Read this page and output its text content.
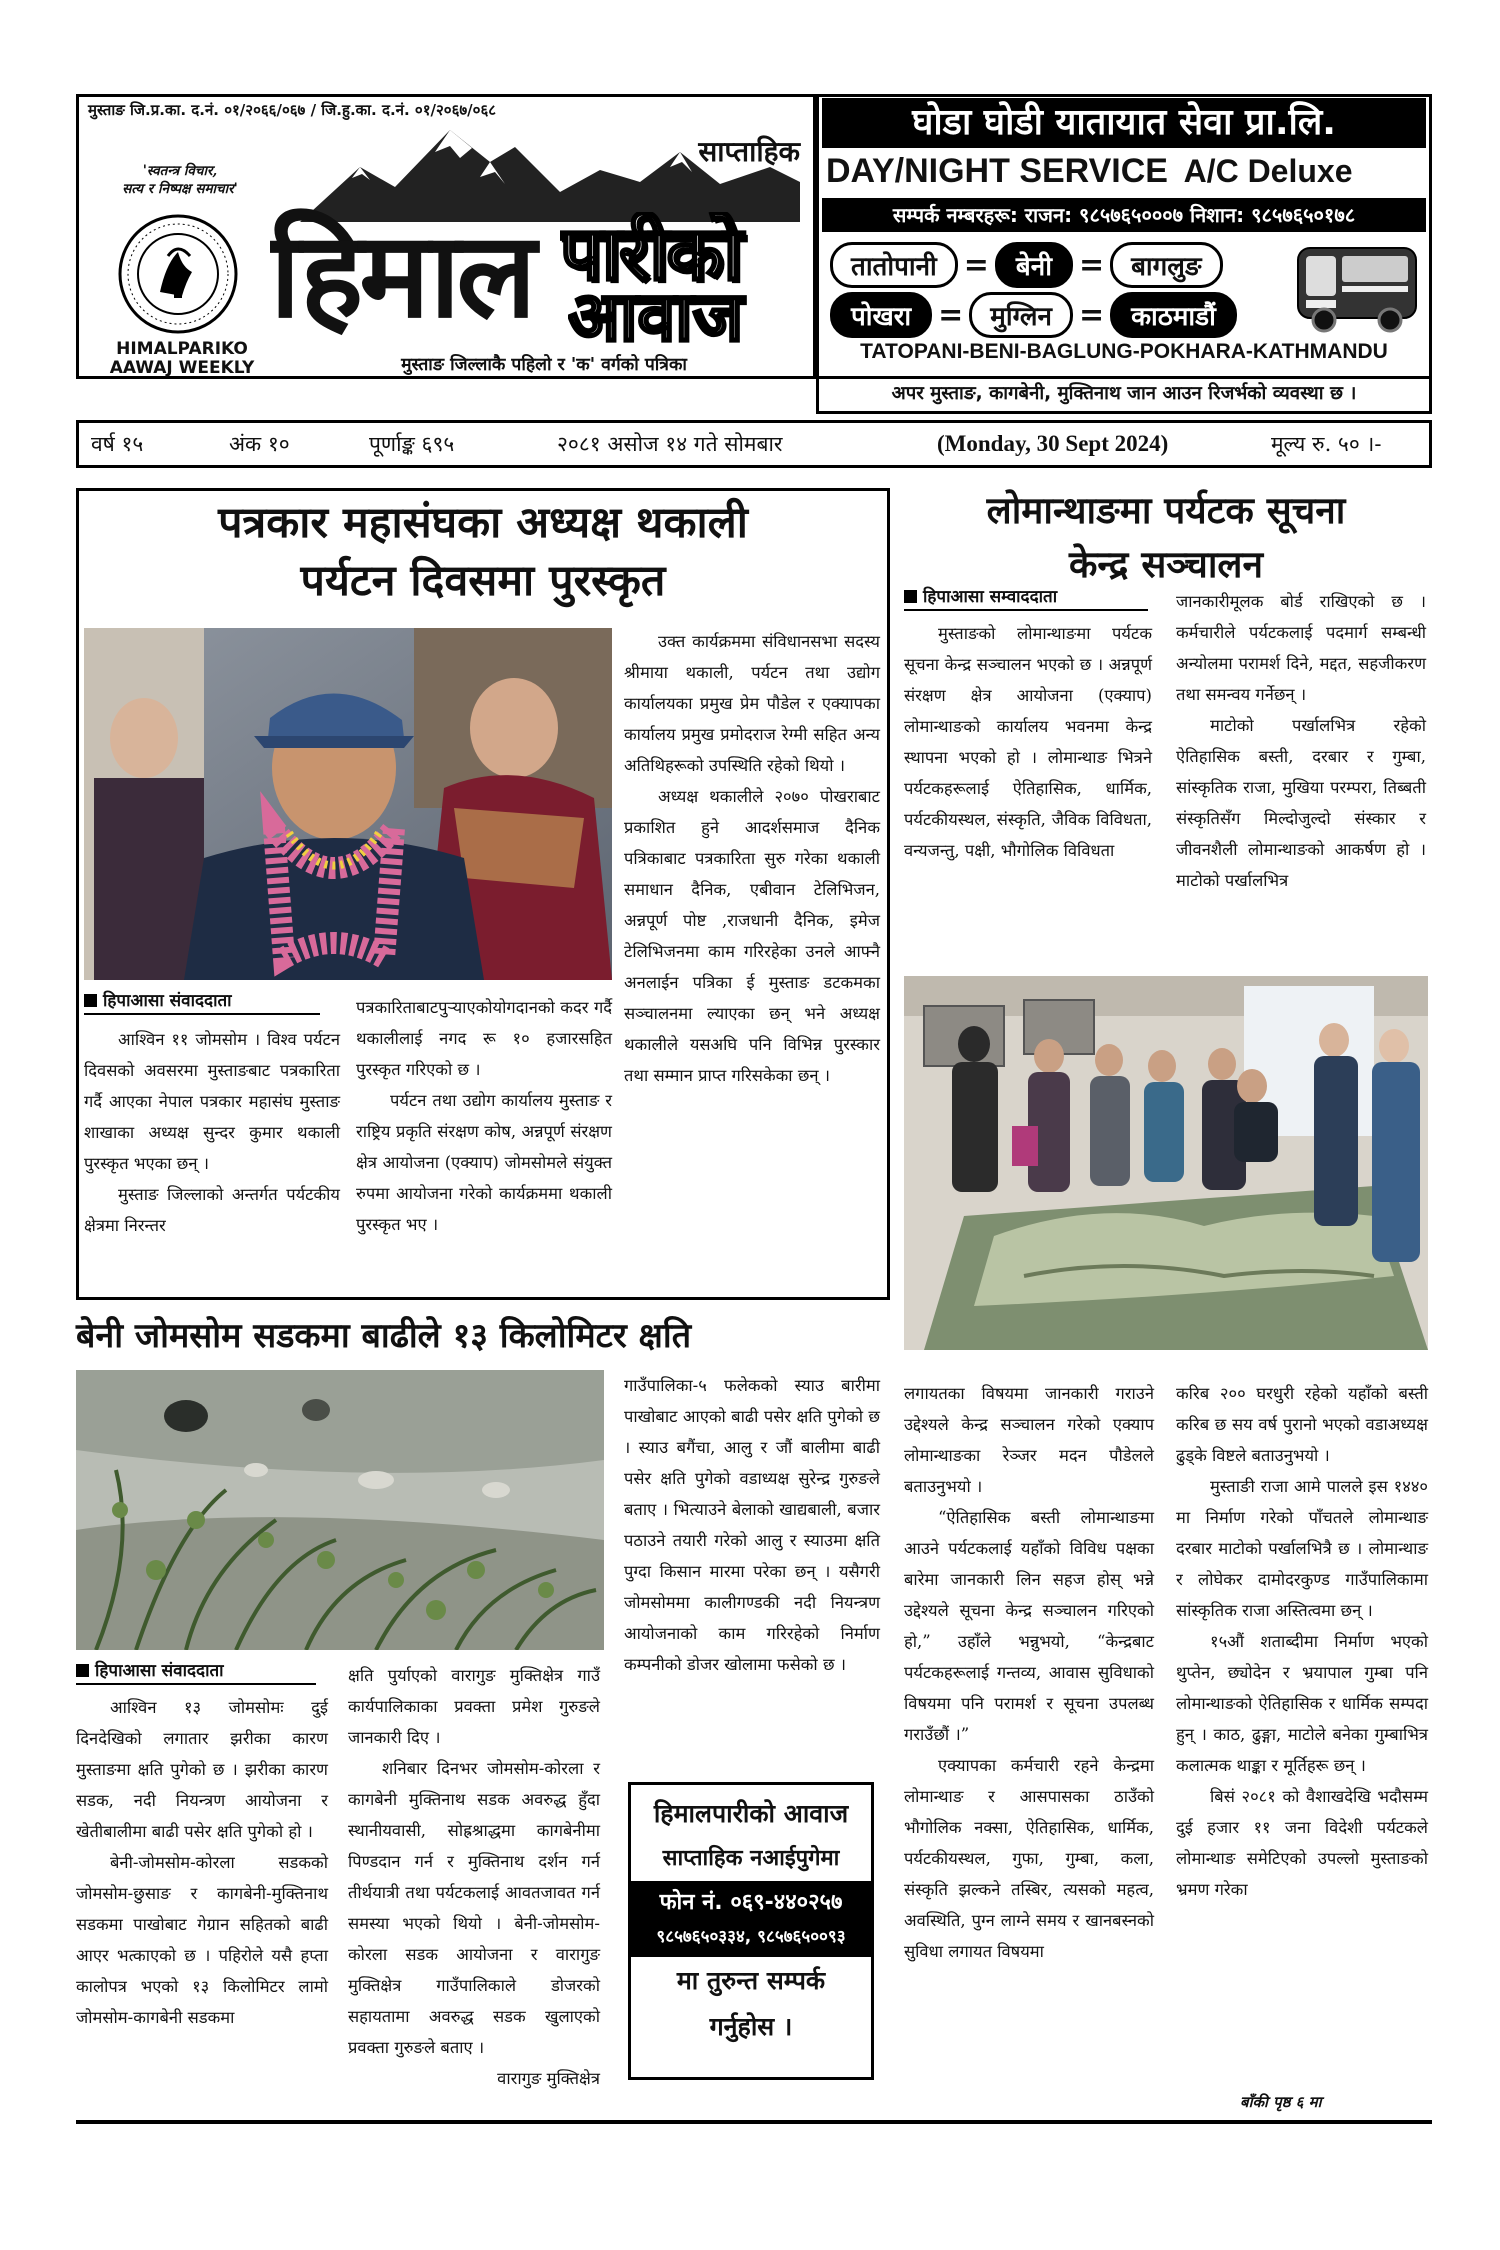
मुस्ताङ जि.प्र.का. द.नं. ०१/२०६६/०६७ / जि.हु.का. द.नं. ०१/२०६७/०६८
'स्वतन्त्र विचार,
सत्य र निष्पक्ष समाचार'
HIMALPARIKO
AAWAJ WEEKLY
साप्ताहिक
हिमाल पारीको
आवाज
मुस्ताङ जिल्लाकै पहिलो र 'क' वर्गको पत्रिका
घोडा घोडी यातायात सेवा प्रा.लि.
DAY/NIGHT SERVICE A/C Deluxe
सम्पर्क नम्बरहरू: राजन: ९८५७६५०००७ निशान: ९८५७६५०१७८
तातोपानी = बेनी = बागलुङ
पोखरा = मुग्लिन = काठमाडौं
TATOPANI-BENI-BAGLUNG-POKHARA-KATHMANDU
अपर मुस्ताङ, कागबेनी, मुक्तिनाथ जान आउन रिजर्भको व्यवस्था छ ।
वर्ष १५	अंक १०	पूर्णाङ्क ६९५	२०८१ असोज १४ गते सोमबार	(Monday, 30 Sept 2024)	मूल्य रु. ५० ।-
पत्रकार महासंघका अध्यक्ष थकाली
पर्यटन दिवसमा पुरस्कृत

उक्त कार्यक्रममा संविधानसभा सदस्य श्रीमाया थकाली, पर्यटन तथा उद्योग कार्यालयका प्रमुख प्रेम पौडेल र एक्यापका कार्यालय प्रमुख प्रमोदराज रेग्मी सहित अन्य अतिथिहरूको उपस्थिति रहेको थियो ।

अध्यक्ष थकालीले २०७० पोखराबाट प्रकाशित हुने आदर्शसमाज दैनिक पत्रिकाबाट पत्रकारिता सुरु गरेका थकाली समाधान दैनिक, एबीवान टेलिभिजन, अन्नपूर्ण पोष्ट ,राजधानी दैनिक, इमेज टेलिभिजनमा काम गरिरहेका उनले आफ्नै अनलाईन पत्रिका ई मुस्ताङ डटकमका सञ्चालनमा ल्याएका छन् भने अध्यक्ष थकालीले यसअघि पनि विभिन्न पुरस्कार तथा सम्मान प्राप्त गरिसकेका छन् ।

हिपाआसा संवाददाता

आश्विन ११ जोमसोम । विश्व पर्यटन दिवसको अवसरमा मुस्ताङबाट पत्रकारिता गर्दै आएका नेपाल पत्रकार महासंघ मुस्ताङ शाखाका अध्यक्ष सुन्दर कुमार थकाली पुरस्कृत भएका छन् ।

मुस्ताङ जिल्लाको अन्तर्गत पर्यटकीय क्षेत्रमा निरन्तर

पत्रकारिताबाटपुऱ्याएकोयोगदानको कदर गर्दै थकालीलाई नगद रू १० हजारसहित पुरस्कृत गरिएको छ ।

पर्यटन तथा उद्योग कार्यालय मुस्ताङ र राष्ट्रिय प्रकृति संरक्षण कोष, अन्नपूर्ण संरक्षण क्षेत्र आयोजना (एक्याप) जोमसोमले संयुक्त रुपमा आयोजना गरेको कार्यक्रममा थकाली पुरस्कृत भए ।

लोमान्थाङमा पर्यटक सूचना
केन्द्र सञ्चालन
हिपाआसा सम्वाददाता

मुस्ताङको लोमान्थाङमा पर्यटक सूचना केन्द्र सञ्चालन भएको छ । अन्नपूर्ण संरक्षण क्षेत्र आयोजना (एक्याप) लोमान्थाङको कार्यालय भवनमा केन्द्र स्थापना भएको हो । लोमान्थाङ भित्रने पर्यटकहरूलाई ऐतिहासिक, धार्मिक, पर्यटकीयस्थल, संस्कृति, जैविक विविधता, वन्यजन्तु, पक्षी, भौगोलिक विविधता

जानकारीमूलक बोर्ड राखिएको छ । कर्मचारीले पर्यटकलाई पदमार्ग सम्बन्धी अन्योलमा परामर्श दिने, मद्दत, सहजीकरण तथा समन्वय गर्नेछन् ।

माटोको पर्खालभित्र रहेको ऐतिहासिक बस्ती, दरबार र गुम्बा, सांस्कृतिक राजा, मुखिया परम्परा, तिब्बती संस्कृतिसँग मिल्दोजुल्दो संस्कार र जीवनशैली लोमान्थाङको आकर्षण हो । माटोको पर्खालभित्र

लगायतका विषयमा जानकारी गराउने उद्देश्यले केन्द्र सञ्चालन गरेको एक्याप लोमान्थाङका रेञ्जर मदन पौडेलले बताउनुभयो ।

“ऐतिहासिक बस्ती लोमान्थाङमा आउने पर्यटकलाई यहाँको विविध पक्षका बारेमा जानकारी लिन सहज होस् भन्ने उद्देश्यले सूचना केन्द्र सञ्चालन गरिएको हो,” उहाँले भन्नुभयो, “केन्द्रबाट पर्यटकहरूलाई गन्तव्य, आवास सुविधाको विषयमा पनि परामर्श र सूचना उपलब्ध गराउँछौं ।”

एक्यापका कर्मचारी रहने केन्द्रमा लोमान्थाङ र आसपासका ठाउँको भौगोलिक नक्सा, ऐतिहासिक, धार्मिक, पर्यटकीयस्थल, गुफा, गुम्बा, कला, संस्कृति झल्कने तस्बिर, त्यसको महत्व, अवस्थिति, पुग्न लाग्ने समय र खानबस्नको सुविधा लगायत विषयमा

करिब २०० घरधुरी रहेको यहाँको बस्ती करिब छ सय वर्ष पुरानो भएको वडाअध्यक्ष ढुड्के विष्टले बताउनुभयो ।

मुस्ताङी राजा आमे पालले इस १४४० मा निर्माण गरेको पाँचतले लोमान्थाङ दरबार माटोको पर्खालभित्रै छ । लोमान्थाङ र लोघेकर दामोदरकुण्ड गाउँपालिकामा सांस्कृतिक राजा अस्तित्वमा छन् ।

१५औं शताब्दीमा निर्माण भएको थुप्तेन, छ्योदेन र भ्रयापाल गुम्बा पनि लोमान्थाङको ऐतिहासिक र धार्मिक सम्पदा हुन् । काठ, ढुङ्गा, माटोले बनेका गुम्बाभित्र कलात्मक थाङ्का र मूर्तिहरू छन् ।

बिसं २०८१ को वैशाखदेखि भदौसम्म दुई हजार ११ जना विदेशी पर्यटकले लोमान्थाङ समेटिएको उपल्लो मुस्ताङको भ्रमण गरेका

बाँकी पृष्ठ ६ मा
बेनी जोमसोम सडकमा बाढीले १३ किलोमिटर क्षति
हिपाआसा संवाददाता

आश्विन १३ जोमसोमः दुई दिनदेखिको लगातार झरीका कारण मुस्ताङमा क्षति पुगेको छ । झरीका कारण सडक, नदी नियन्त्रण आयोजना र खेतीबालीमा बाढी पसेर क्षति पुगेको हो ।

बेनी-जोमसोम-कोरला सडकको जोमसोम-छुसाङ र कागबेनी-मुक्तिनाथ सडकमा पाखोबाट गेग्रान सहितको बाढी आएर भत्काएको छ । पहिरोले यसै हप्ता कालोपत्र भएको १३ किलोमिटर लामो जोमसोम-कागबेनी सडकमा

क्षति पुर्याएको वारागुङ मुक्तिक्षेत्र गाउँ कार्यपालिकाका प्रवक्ता प्रमेश गुरुङले जानकारी दिए ।

शनिबार दिनभर जोमसोम-कोरला र कागबेनी मुक्तिनाथ सडक अवरुद्ध हुँदा स्थानीयवासी, सोह्रश्राद्धमा कागबेनीमा पिण्डदान गर्न र मुक्तिनाथ दर्शन गर्न तीर्थयात्री तथा पर्यटकलाई आवतजावत गर्न समस्या भएको थियो । बेनी-जोमसोम-कोरला सडक आयोजना र वारागुङ मुक्तिक्षेत्र गाउँपालिकाले डोजरको सहायतामा अवरुद्ध सडक खुलाएको प्रवक्ता गुरुङले बताए ।

वारागुङ मुक्तिक्षेत्र

गाउँपालिका-५ फलेकको स्याउ बारीमा पाखोबाट आएको बाढी पसेर क्षति पुगेको छ । स्याउ बगैंचा, आलु र जौं बालीमा बाढी पसेर क्षति पुगेको वडाध्यक्ष सुरेन्द्र गुरुङले बताए । भित्याउने बेलाको खाद्यबाली, बजार पठाउने तयारी गरेको आलु र स्याउमा क्षति पुग्दा किसान मारमा परेका छन् । यसैगरी जोमसोममा कालीगण्डकी नदी नियन्त्रण आयोजनाको काम गरिरहेको निर्माण कम्पनीको डोजर खोलामा फसेको छ ।

हिमालपारीको आवाज
साप्ताहिक नआईपुगेमा
फोन नं. ०६९-४४०२५७
९८५७६५०३३४, ९८५७६५००९३
मा तुरुन्त सम्पर्क
गर्नुहोस ।
